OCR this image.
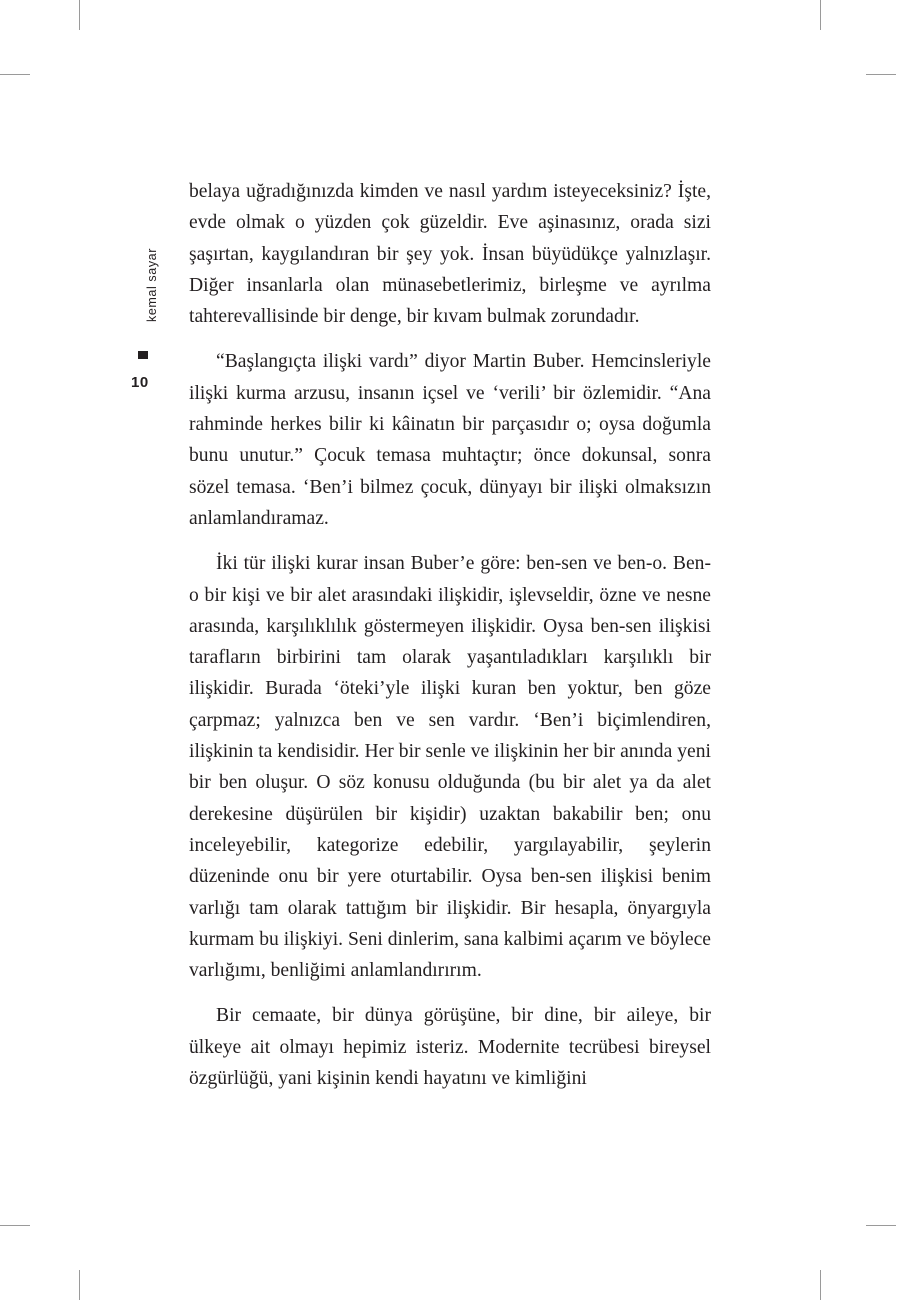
kemal sayar
10

belaya uğradığınızda kimden ve nasıl yardım isteyeceksiniz? İşte, evde olmak o yüzden çok güzeldir. Eve aşinasınız, orada sizi şaşırtan, kaygılandıran bir şey yok. İnsan büyüdükçe yalnızlaşır. Diğer insanlarla olan münasebetlerimiz, birleşme ve ayrılma tahterevallisinde bir denge, bir kıvam bulmak zorundadır.

“Başlangıçta ilişki vardı” diyor Martin Buber. Hemcinsleriyle ilişki kurma arzusu, insanın içsel ve ‘verili’ bir özlemidir. “Ana rahminde herkes bilir ki kâinatın bir parçasıdır o; oysa doğumla bunu unutur.” Çocuk temasa muhtaçtır; önce dokunsal, sonra sözel temasa. ‘Ben’i bilmez çocuk, dünyayı bir ilişki olmaksızın anlamlandıramaz.

İki tür ilişki kurar insan Buber’e göre: ben-sen ve ben-o. Ben-o bir kişi ve bir alet arasındaki ilişkidir, işlevseldir, özne ve nesne arasında, karşılıklılık göstermeyen ilişkidir. Oysa ben-sen ilişkisi tarafların birbirini tam olarak yaşantıladıkları karşılıklı bir ilişkidir. Burada ‘öteki’yle ilişki kuran ben yoktur, ben göze çarpmaz; yalnızca ben ve sen vardır. ‘Ben’i biçimlendiren, ilişkinin ta kendisidir. Her bir senle ve ilişkinin her bir anında yeni bir ben oluşur. O söz konusu olduğunda (bu bir alet ya da alet derekesine düşürülen bir kişidir) uzaktan bakabilir ben; onu inceleyebilir, kategorize edebilir, yargılayabilir, şeylerin düzeninde onu bir yere oturtabilir. Oysa ben-sen ilişkisi benim varlığı tam olarak tattığım bir ilişkidir. Bir hesapla, önyargıyla kurmam bu ilişkiyi. Seni dinlerim, sana kalbimi açarım ve böylece varlığımı, benliğimi anlamlandırırım.

Bir cemaate, bir dünya görüşüne, bir dine, bir aileye, bir ülkeye ait olmayı hepimiz isteriz. Modernite tecrübesi bireysel özgürlüğü, yani kişinin kendi hayatını ve kimliğini
